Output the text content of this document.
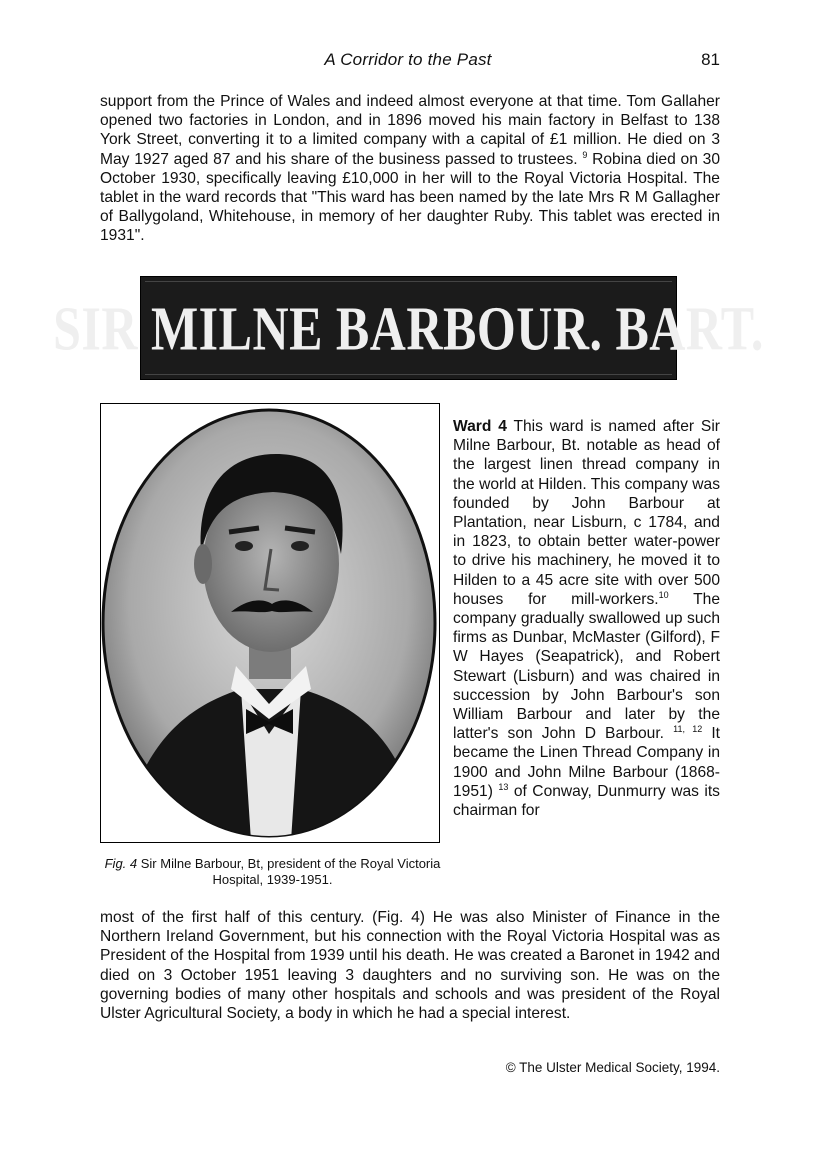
A Corridor to the Past	81

support from the Prince of Wales and indeed almost everyone at that time. Tom Gallaher opened two factories in London, and in 1896 moved his main factory in Belfast to 138 York Street, converting it to a limited company with a capital of £1 million. He died on 3 May 1927 aged 87 and his share of the business passed to trustees. $^9$ Robina died on 30 October 1930, specifically leaving £10,000 in her will to the Royal Victoria Hospital. The tablet in the ward records that "This ward has been named by the late Mrs R M Gallagher of Ballygoland, Whitehouse, in memory of her daughter Ruby. This tablet was erected in 1931".

SIR MILNE BARBOUR. BART.
Fig. 4 Sir Milne Barbour, Bt, president of the Royal Victoria Hospital, 1939-1951.

Ward 4 This ward is named after Sir Milne Barbour, Bt. notable as head of the largest linen thread company in the world at Hilden. This company was founded by John Barbour at Plantation, near Lisburn, c 1784, and in 1823, to obtain better water-power to drive his machinery, he moved it to Hilden to a 45 acre site with over 500 houses for mill-workers.$^{10}$ The company gradually swallowed up such firms as Dunbar, McMaster (Gilford), F W Hayes (Seapatrick), and Robert Stewart (Lisburn) and was chaired in succession by John Barbour's son William Barbour and later by the latter's son John D Barbour. $^{11, 12}$ It became the Linen Thread Company in 1900 and John Milne Barbour (1868-1951) $^{13}$ of Conway, Dunmurry was its chairman for

most of the first half of this century. (Fig. 4) He was also Minister of Finance in the Northern Ireland Government, but his connection with the Royal Victoria Hospital was as President of the Hospital from 1939 until his death. He was created a Baronet in 1942 and died on 3 October 1951 leaving 3 daughters and no surviving son. He was on the governing bodies of many other hospitals and schools and was president of the Royal Ulster Agricultural Society, a body in which he had a special interest.

© The Ulster Medical Society, 1994.
